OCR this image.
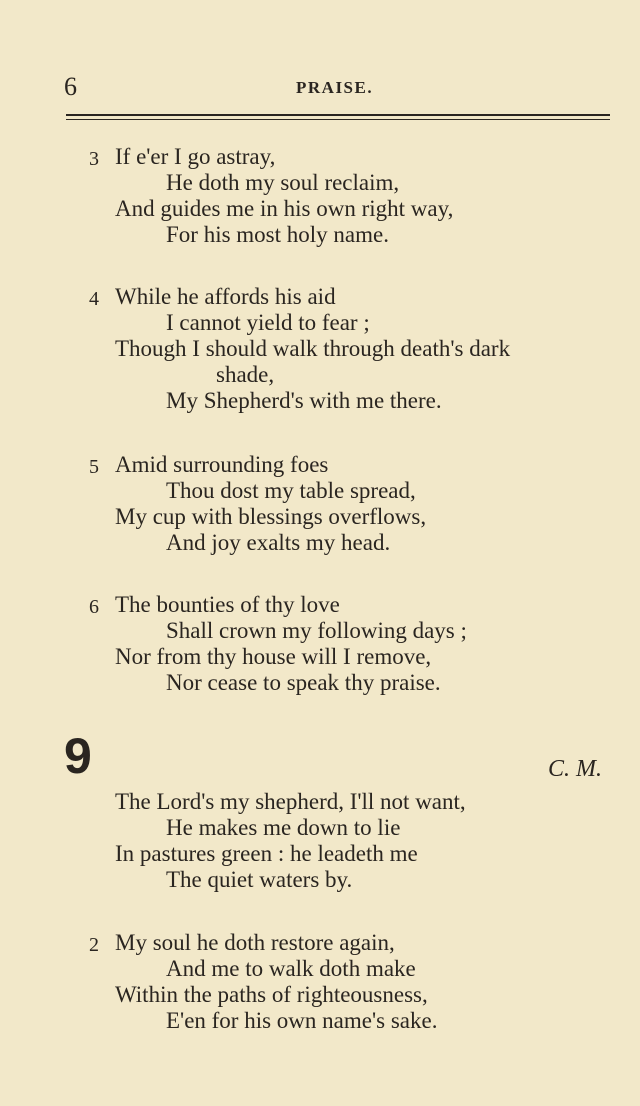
6	PRAISE.
3 If e'er I go astray,
He doth my soul reclaim,
And guides me in his own right way,
For his most holy name.
4 While he affords his aid
I cannot yield to fear ;
Though I should walk through death's dark
shade,
My Shepherd's with me there.
5 Amid surrounding foes
Thou dost my table spread,
My cup with blessings overflows,
And joy exalts my head.
6 The bounties of thy love
Shall crown my following days ;
Nor from thy house will I remove,
Nor cease to speak thy praise.
9	C. M.
The Lord's my shepherd, I'll not want,
He makes me down to lie
In pastures green : he leadeth me
The quiet waters by.
2 My soul he doth restore again,
And me to walk doth make
Within the paths of righteousness,
E'en for his own name's sake.
